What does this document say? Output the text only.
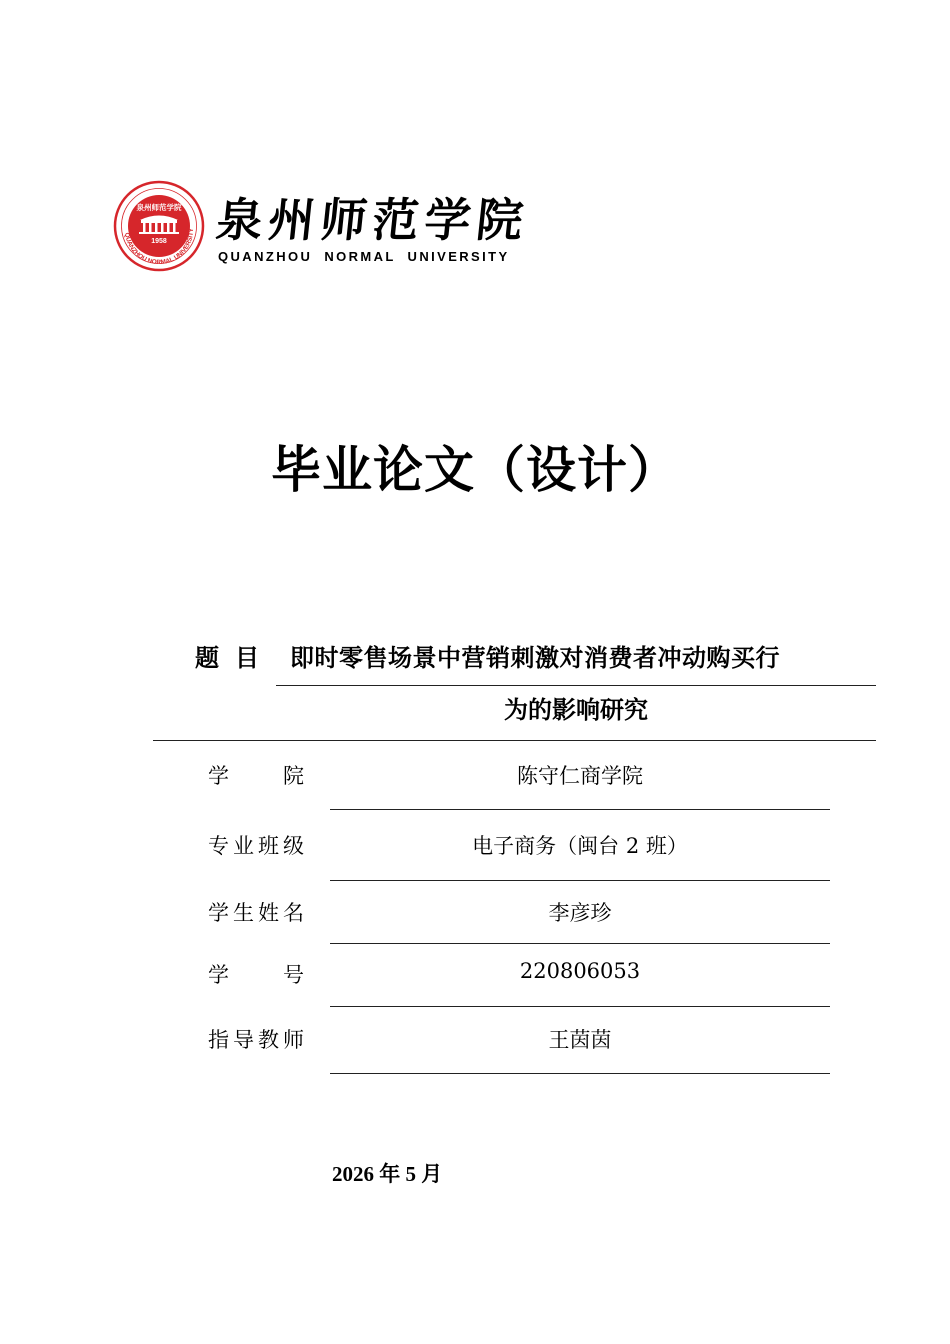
QUANZHOU NORMAL UNIVERSITY
泉州师范学院
1958 泉州师范学院
QUANZHOU NORMAL UNIVERSITY
毕业论文（设计）
题目 即时零售场景中营销刺激对消费者冲动购买行
为的影响研究
学	院	陈守仁商学院
专 业 班 级	电子商务（闽台 2 班）
学 生 姓 名	李彦珍
学	号	220806053
指 导 教 师	王茵茵
2026 年 5 月
